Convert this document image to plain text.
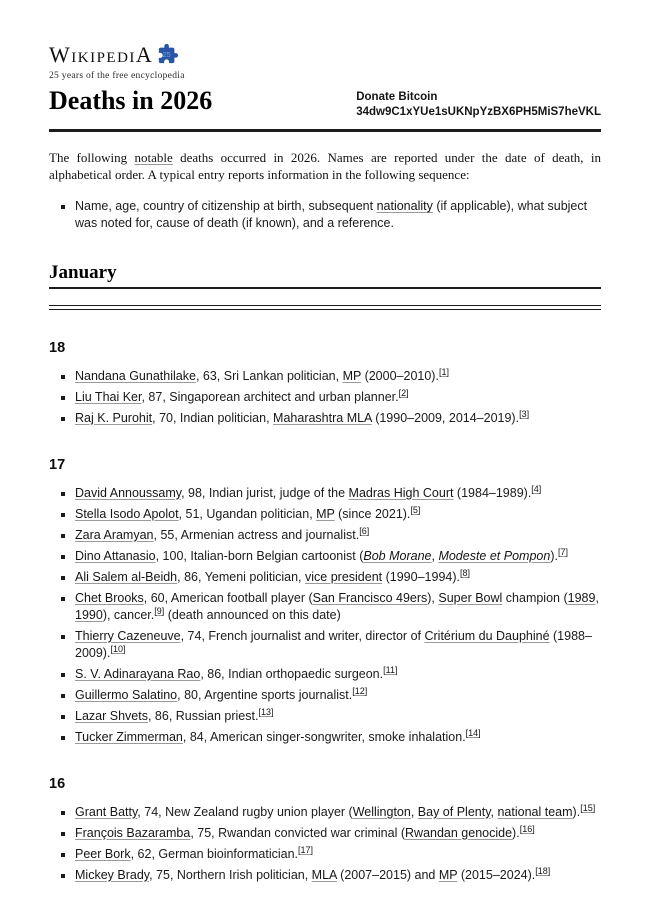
WikipediA 25
25 years of the free encyclopedia
Deaths in 2026	Donate Bitcoin
34dw9C1xYUe1sUKNpYzBX6PH5MiS7heVKL

The following notable deaths occurred in 2026. Names are reported under the date of death, in alphabetical order. A typical entry reports information in the following sequence:

▪ Name, age, country of citizenship at birth, subsequent nationality (if applicable), what subject was noted for, cause of death (if known), and a reference.
January
18
▪ Nandana Gunathilake, 63, Sri Lankan politician, MP (2000–2010).[1]
▪ Liu Thai Ker, 87, Singaporean architect and urban planner.[2]
▪ Raj K. Purohit, 70, Indian politician, Maharashtra MLA (1990–2009, 2014–2019).[3]
17
▪ David Annoussamy, 98, Indian jurist, judge of the Madras High Court (1984–1989).[4]
▪ Stella Isodo Apolot, 51, Ugandan politician, MP (since 2021).[5]
▪ Zara Aramyan, 55, Armenian actress and journalist.[6]
▪ Dino Attanasio, 100, Italian-born Belgian cartoonist (Bob Morane, Modeste et Pompon).[7]
▪ Ali Salem al-Beidh, 86, Yemeni politician, vice president (1990–1994).[8]
▪ Chet Brooks, 60, American football player (San Francisco 49ers), Super Bowl champion (1989, 1990), cancer.[9] (death announced on this date)
▪ Thierry Cazeneuve, 74, French journalist and writer, director of Critérium du Dauphiné (1988–2009).[10]
▪ S. V. Adinarayana Rao, 86, Indian orthopaedic surgeon.[11]
▪ Guillermo Salatino, 80, Argentine sports journalist.[12]
▪ Lazar Shvets, 86, Russian priest.[13]
▪ Tucker Zimmerman, 84, American singer-songwriter, smoke inhalation.[14]
16
▪ Grant Batty, 74, New Zealand rugby union player (Wellington, Bay of Plenty, national team).[15]
▪ François Bazaramba, 75, Rwandan convicted war criminal (Rwandan genocide).[16]
▪ Peer Bork, 62, German bioinformatician.[17]
▪ Mickey Brady, 75, Northern Irish politician, MLA (2007–2015) and MP (2015–2024).[18]
